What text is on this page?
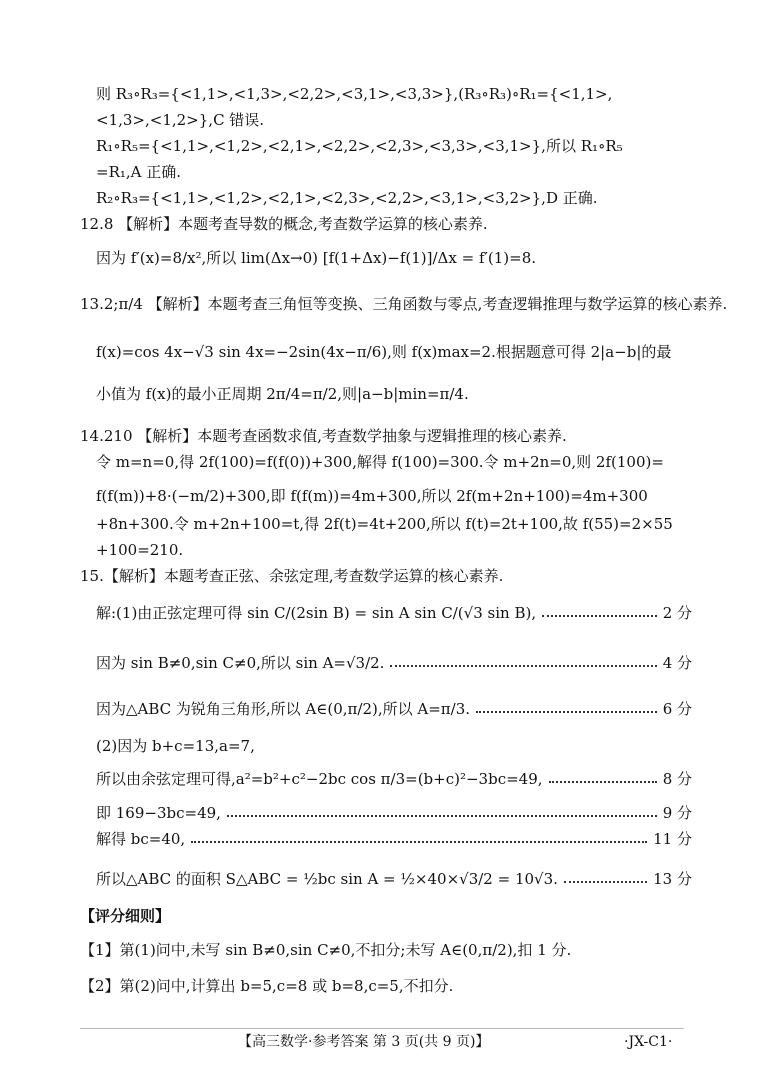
则 R₃∘R₃={<1,1>,<1,3>,<2,2>,<3,1>,<3,3>},(R₃∘R₃)∘R₁={<1,1>,
<1,3>,<1,2>},C 错误.
R₁∘R₅={<1,1>,<1,2>,<2,1>,<2,2>,<2,3>,<3,3>,<3,1>},所以 R₁∘R₅
=R₁,A 正确.
R₂∘R₃={<1,1>,<1,2>,<2,1>,<2,3>,<2,2>,<3,1>,<3,2>},D 正确.
12.8 【解析】本题考查导数的概念,考查数学运算的核心素养.
因为 f′(x)=8/x²,所以 lim(Δx→0) [f(1+Δx)−f(1)]/Δx = f′(1)=8.
13.2;π/4 【解析】本题考查三角恒等变换、三角函数与零点,考查逻辑推理与数学运算的核心素养.
f(x)=cos 4x−√3 sin 4x=−2sin(4x−π/6),则 f(x)max=2.根据题意可得 2|a−b|的最
小值为 f(x)的最小正周期 2π/4=π/2,则|a−b|min=π/4.
14.210 【解析】本题考查函数求值,考查数学抽象与逻辑推理的核心素养.
令 m=n=0,得 2f(100)=f(f(0))+300,解得 f(100)=300.令 m+2n=0,则 2f(100)=
f(f(m))+8·(−m/2)+300,即 f(f(m))=4m+300,所以 2f(m+2n+100)=4m+300
+8n+300.令 m+2n+100=t,得 2f(t)=4t+200,所以 f(t)=2t+100,故 f(55)=2×55
+100=210.
15.【解析】本题考查正弦、余弦定理,考查数学运算的核心素养.
解:(1)由正弦定理可得 sin C/(2sin B) = sin A sin C/(√3 sin B),	2 分
因为 sin B≠0,sin C≠0,所以 sin A=√3/2.	4 分
因为△ABC 为锐角三角形,所以 A∈(0,π/2),所以 A=π/3.	6 分
(2)因为 b+c=13,a=7,
所以由余弦定理可得,a²=b²+c²−2bc cos π/3=(b+c)²−3bc=49,	8 分
即 169−3bc=49,	9 分
解得 bc=40,	11 分
所以△ABC 的面积 S△ABC = ½bc sin A = ½×40×√3/2 = 10√3.	13 分
【评分细则】
【1】第(1)问中,未写 sin B≠0,sin C≠0,不扣分;未写 A∈(0,π/2),扣 1 分.
【2】第(2)问中,计算出 b=5,c=8 或 b=8,c=5,不扣分.
【高三数学·参考答案 第 3 页(共 9 页)】	·JX-C1·
